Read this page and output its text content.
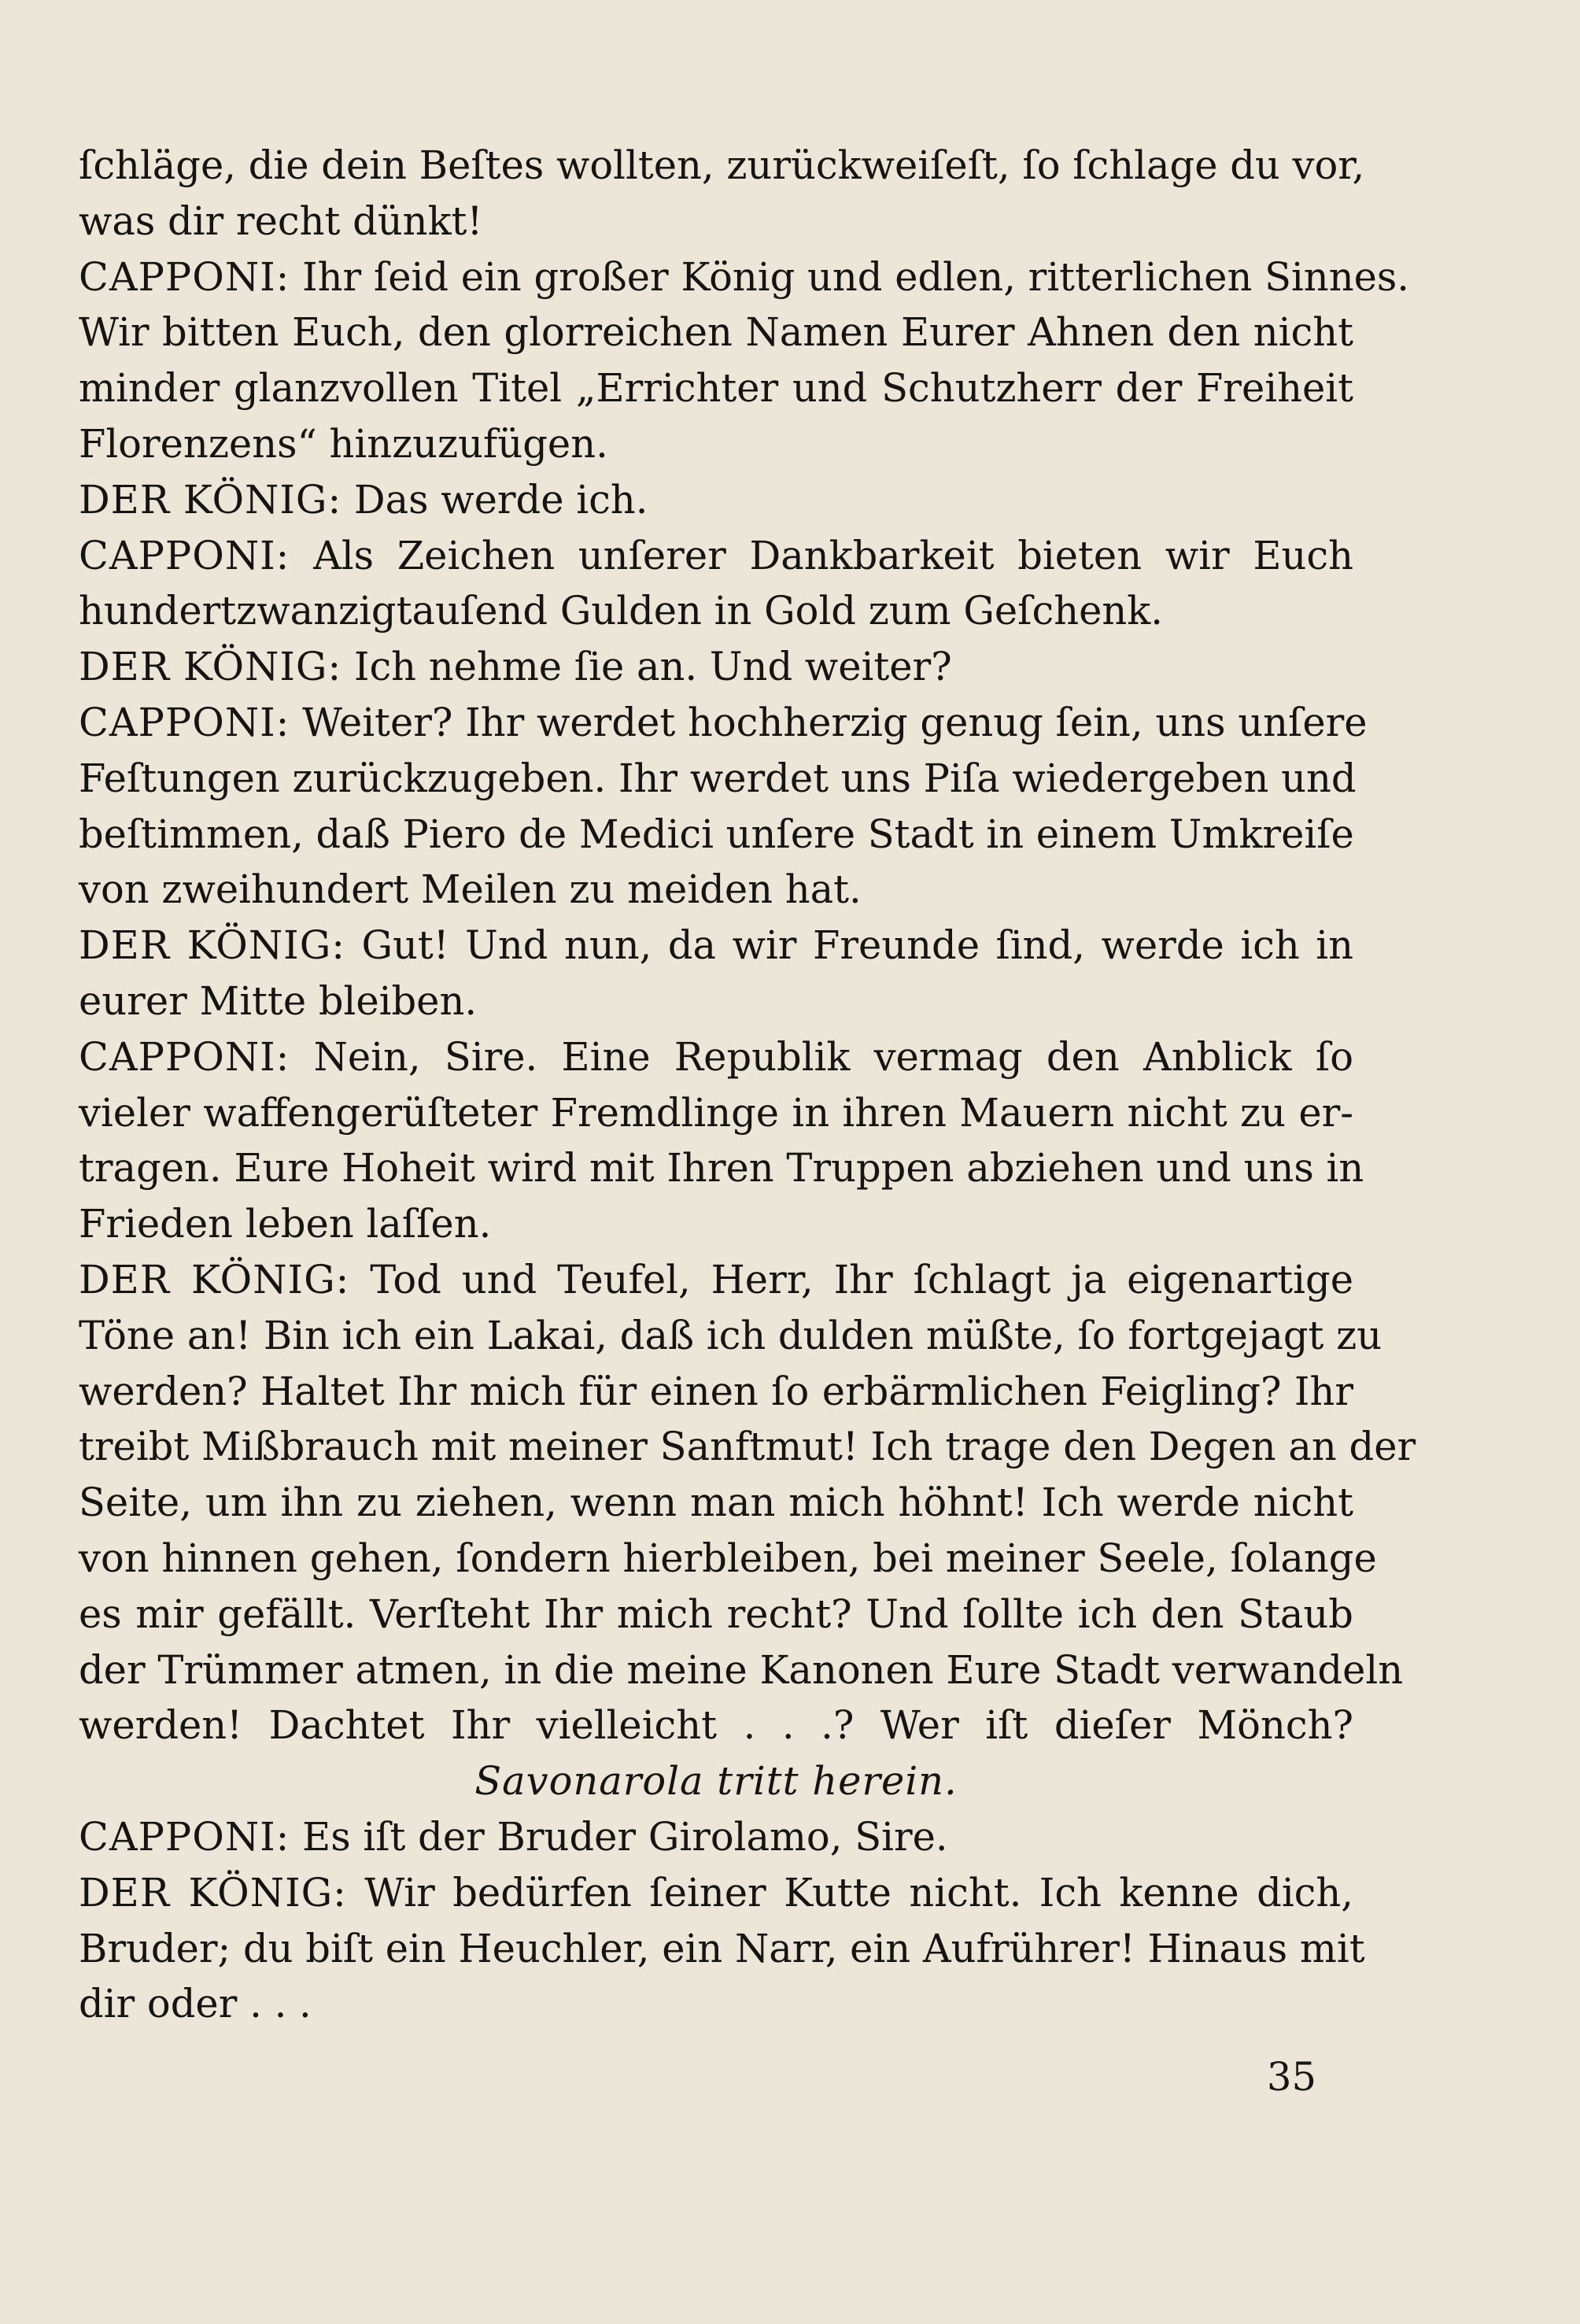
ſchläge, die dein Beſtes wollten, zurückweiſeſt, ſo ſchlage du vor,
was dir recht dünkt!
CAPPONI: Ihr ſeid ein großer König und edlen, ritterlichen Sinnes.
Wir bitten Euch, den glorreichen Namen Eurer Ahnen den nicht
minder glanzvollen Titel „Errichter und Schutzherr der Freiheit
Florenzens“ hinzuzufügen.
DER KÖNIG: Das werde ich.
CAPPONI: Als Zeichen unſerer Dankbarkeit bieten wir Euch
hundertzwanzigtauſend Gulden in Gold zum Geſchenk.
DER KÖNIG: Ich nehme ſie an. Und weiter?
CAPPONI: Weiter? Ihr werdet hochherzig genug ſein, uns unſere
Feſtungen zurückzugeben. Ihr werdet uns Piſa wiedergeben und
beſtimmen, daß Piero de Medici unſere Stadt in einem Umkreiſe
von zweihundert Meilen zu meiden hat.
DER KÖNIG: Gut! Und nun, da wir Freunde ſind, werde ich in
eurer Mitte bleiben.
CAPPONI: Nein, Sire. Eine Republik vermag den Anblick ſo
vieler waffengerüſteter Fremdlinge in ihren Mauern nicht zu er-
tragen. Eure Hoheit wird mit Ihren Truppen abziehen und uns in
Frieden leben laſſen.
DER KÖNIG: Tod und Teufel, Herr, Ihr ſchlagt ja eigenartige
Töne an! Bin ich ein Lakai, daß ich dulden müßte, ſo fortgejagt zu
werden? Haltet Ihr mich für einen ſo erbärmlichen Feigling? Ihr
treibt Mißbrauch mit meiner Sanftmut! Ich trage den Degen an der
Seite, um ihn zu ziehen, wenn man mich höhnt! Ich werde nicht
von hinnen gehen, ſondern hierbleiben, bei meiner Seele, ſolange
es mir gefällt. Verſteht Ihr mich recht? Und ſollte ich den Staub
der Trümmer atmen, in die meine Kanonen Eure Stadt verwandeln
werden! Dachtet Ihr vielleicht . . .? Wer iſt dieſer Mönch?
Savonarola tritt herein.
CAPPONI: Es iſt der Bruder Girolamo, Sire.
DER KÖNIG: Wir bedürfen ſeiner Kutte nicht. Ich kenne dich,
Bruder; du biſt ein Heuchler, ein Narr, ein Aufrührer! Hinaus mit
dir oder . . .
35
